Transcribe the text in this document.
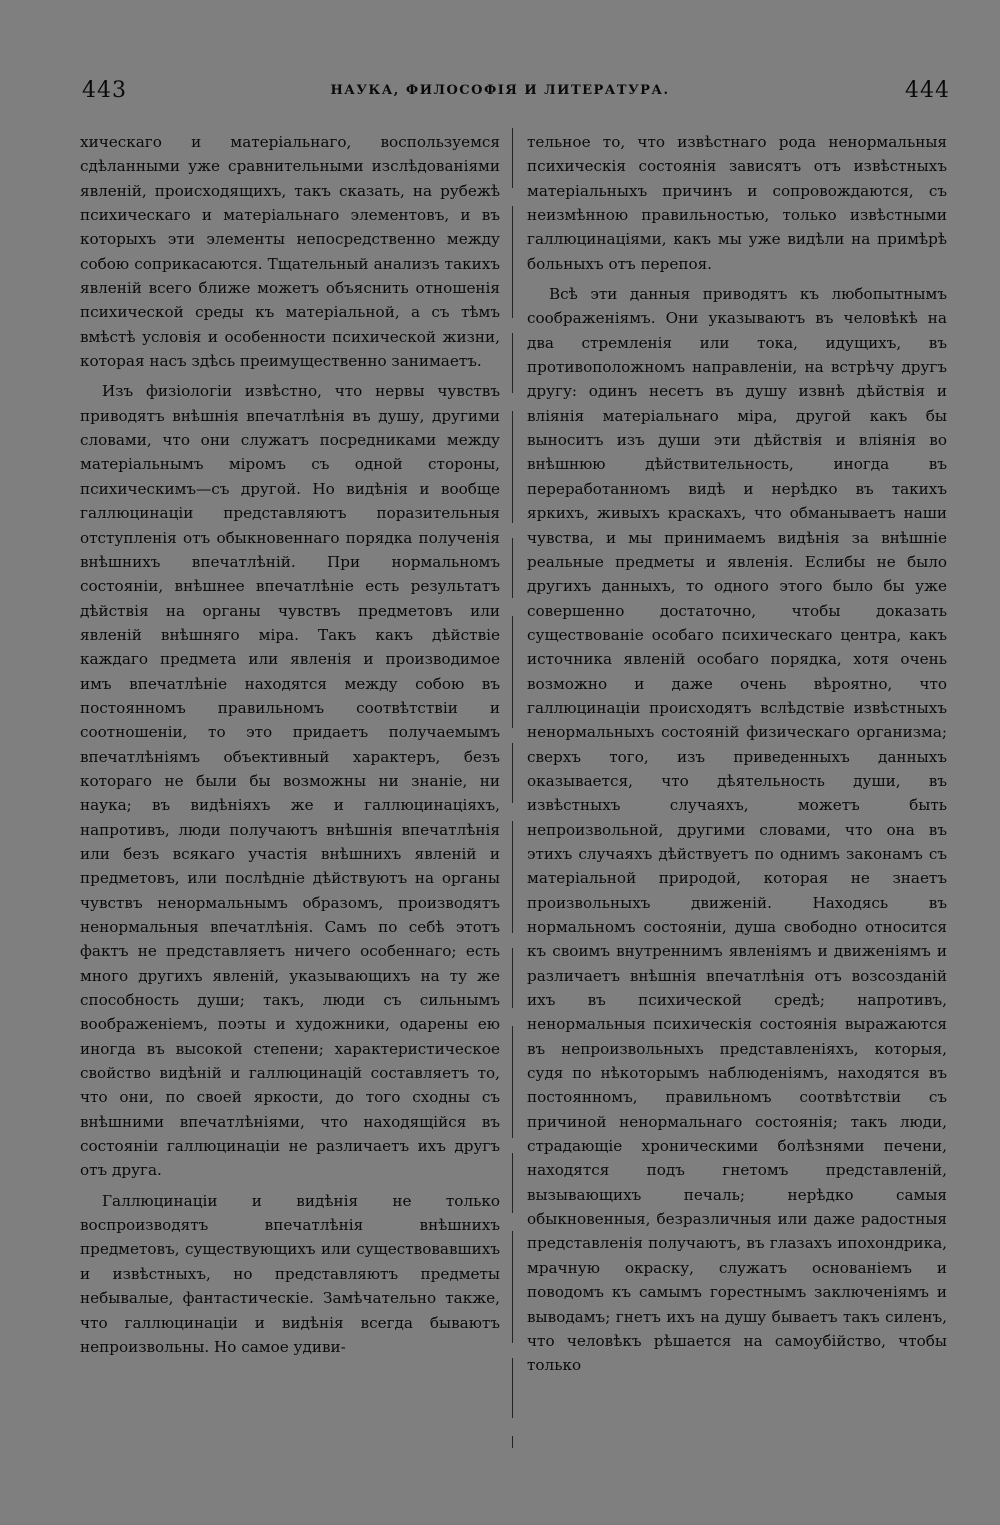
443	НАУКА, ФИЛОСОФІЯ И ЛИТЕРАТУРА.	444

хическаго и матеріальнаго, воспользуемся сдѣланными уже сравнительными изслѣдованіями явленій, происходящихъ, такъ сказать, на рубежѣ психическаго и матеріальнаго элементовъ, и въ которыхъ эти элементы непосредственно между собою соприкасаются. Тщательный анализъ такихъ явленій всего ближе можетъ объяснить отношенія психической среды къ матеріальной, а съ тѣмъ вмѣстѣ условія и особенности психической жизни, которая насъ здѣсь преимущественно занимаетъ.

Изъ физіологіи извѣстно, что нервы чувствъ приводятъ внѣшнія впечатлѣнія въ душу, другими словами, что они служатъ посредниками между матеріальнымъ міромъ съ одной стороны, психическимъ—съ другой. Но видѣнія и вообще галлюцинаціи представляютъ поразительныя отступленія отъ обыкновеннаго порядка полученія внѣшнихъ впечатлѣній. При нормальномъ состояніи, внѣшнее впечатлѣніе есть результатъ дѣйствія на органы чувствъ предметовъ или явленій внѣшняго міра. Такъ какъ дѣйствіе каждаго предмета или явленія и производимое имъ впечатлѣніе находятся между собою въ постоянномъ правильномъ соотвѣтствіи и соотношеніи, то это придаетъ получаемымъ впечатлѣніямъ объективный характеръ, безъ котораго не были бы возможны ни знаніе, ни наука; въ видѣніяхъ же и галлюцинаціяхъ, напротивъ, люди получаютъ внѣшнія впечатлѣнія или безъ всякаго участія внѣшнихъ явленій и предметовъ, или послѣдніе дѣйствуютъ на органы чувствъ ненормальнымъ образомъ, производятъ ненормальныя впечатлѣнія. Самъ по себѣ этотъ фактъ не представляетъ ничего особеннаго; есть много другихъ явленій, указывающихъ на ту же способность души; такъ, люди съ сильнымъ воображеніемъ, поэты и художники, одарены ею иногда въ высокой степени; характеристическое свойство видѣній и галлюцинацій составляетъ то, что они, по своей яркости, до того сходны съ внѣшними впечатлѣніями, что находящійся въ состояніи галлюцинаціи не различаетъ ихъ другъ отъ друга.

Галлюцинаціи и видѣнія не только воспроизводятъ впечатлѣнія внѣшнихъ предметовъ, существующихъ или существовавшихъ и извѣстныхъ, но представляютъ предметы небывалые, фантастическіе. Замѣчательно также, что галлюцинаціи и видѣнія всегда бываютъ непроизвольны. Но самое удиви-

тельное то, что извѣстнаго рода ненормальныя психическія состоянія зависятъ отъ извѣстныхъ матеріальныхъ причинъ и сопровождаются, съ неизмѣнною правильностью, только извѣстными галлюцинаціями, какъ мы уже видѣли на примѣрѣ больныхъ отъ перепоя.

Всѣ эти данныя приводятъ къ любопытнымъ соображеніямъ. Они указываютъ въ человѣкѣ на два стремленія или тока, идущихъ, въ противоположномъ направленіи, на встрѣчу другъ другу: одинъ несетъ въ душу извнѣ дѣйствія и вліянія матеріальнаго міра, другой какъ бы выноситъ изъ души эти дѣйствія и вліянія во внѣшнюю дѣйствительность, иногда въ переработанномъ видѣ и нерѣдко въ такихъ яркихъ, живыхъ краскахъ, что обманываетъ наши чувства, и мы принимаемъ видѣнія за внѣшніе реальные предметы и явленія. Еслибы не было другихъ данныхъ, то одного этого было бы уже совершенно достаточно, чтобы доказать существованіе особаго психическаго центра, какъ источника явленій особаго порядка, хотя очень возможно и даже очень вѣроятно, что галлюцинаціи происходятъ вслѣдствіе извѣстныхъ ненормальныхъ состояній физическаго организма; сверхъ того, изъ приведенныхъ данныхъ оказывается, что дѣятельность души, въ извѣстныхъ случаяхъ, можетъ быть непроизвольной, другими словами, что она въ этихъ случаяхъ дѣйствуетъ по однимъ законамъ съ матеріальной природой, которая не знаетъ произвольныхъ движеній. Находясь въ нормальномъ состояніи, душа свободно относится къ своимъ внутреннимъ явленіямъ и движеніямъ и различаетъ внѣшнія впечатлѣнія отъ возсозданій ихъ въ психической средѣ; напротивъ, ненормальныя психическія состоянія выражаются въ непроизвольныхъ представленіяхъ, которыя, судя по нѣкоторымъ наблюденіямъ, находятся въ постоянномъ, правильномъ соотвѣтствіи съ причиной ненормальнаго состоянія; такъ люди, страдающіе хроническими болѣзнями печени, находятся подъ гнетомъ представленій, вызывающихъ печаль; нерѣдко самыя обыкновенныя, безразличныя или даже радостныя представленія получаютъ, въ глазахъ ипохондрика, мрачную окраску, служатъ основаніемъ и поводомъ къ самымъ горестнымъ заключеніямъ и выводамъ; гнетъ ихъ на душу бываетъ такъ силенъ, что человѣкъ рѣшается на самоубійство, чтобы только
